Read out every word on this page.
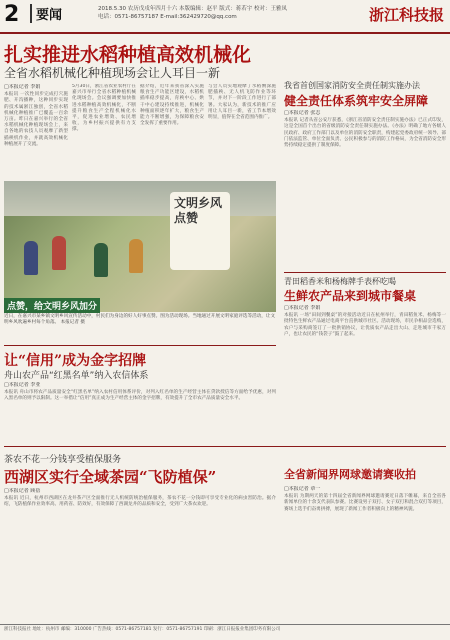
2	要闻	2018.5.30 农历戊戌年四月十六 本版编辑：赵平 版式：蒋若宇 校对：王雅凤
电话：0571-86757187 E-mail:362429720@qq.com	浙江科技报
扎实推进水稻种植高效机械化
全省水稻机械化种植现场会让人耳目一新
□本报记者 李娟
本报讯 一次性同步完成打穴施肥、开沟播种，这种同步实现的技术属浙江独创，全省水稻机械化种植推广已覆盖一百余万亩。昨日在嘉兴举行的全省水稻机械化种植现场会上，来自各地的农技人员观摩了新型插秧机作业，并就高效机械化种植展开了交流。
5月30日，浙江省农业农村厅在嘉兴市举行全省水稻种植机械化现场会。会议强调要加快推进水稻种植高效机械化，不断提升粮食生产全程机械化水平，促进农业增效、农民增收，为乡村振兴提供有力支撑。
据介绍，近年来我省深入实施粮食生产功能区建设，水稻机插率稳步提高，育秧中心、烘干中心建设持续推进，机械化种植面积逐年扩大，粮食生产能力不断增强，为保障粮食安全发挥了重要作用。
与会人员实地观摩了水稻侧深施肥插秧、无人机飞防作业等环节，并对下一阶段工作进行了部署。大家认为，新技术的推广应用让人耳目一新，省工节本增效明显，值得在全省范围内推广。
文明乡风点赞
点赞，给文明乡风加分
近日，在嘉兴市某乡镇文明乡风宣传活动中，村民们为身边的好人好事点赞。图为活动现场。当地通过开展文明家庭评选等活动，让文明乡风吹遍乡村每个角落。 本报记者 摄
我省首创国家消防安全责任制实施办法
健全责任体系筑牢安全屏障
□本报记者 张志
本报讯 记者从省公安厅获悉，《浙江省消防安全责任制实施办法》已正式印发，这是全国首个出台的省级消防安全责任制实施办法。《办法》明确了地方各级人民政府、政府工作部门以及单位的消防安全职责，构建起党委政府统一领导、部门依法监管、单位全面负责、公民积极参与的消防工作格局，为全省消防安全形势持续稳定提供了制度保障。
青田稻香米和杨梅牌手表杯吃喝
生鲜农产品来到城市餐桌
□本报记者 李娟
本报讯 一场“田间到餐桌”的对接活动近日在杭州举行，青田稻鱼米、杨梅等一批特色生鲜农产品通过电商平台直供城市社区。活动现场，市民争相品尝选购，农户与采购商签订了一批供销协议，让优质农产品走出大山、走进城市千家万户，也让农民的“钱袋子”鼓了起来。
让“信用”成为金字招牌
舟山农产品“红黑名单”纳入农信体系
□本报记者 李亚
本报讯 舟山市将农产品质量安全“红黑名单”纳入农村信用体系评价，对列入红名单的生产经营主体在贷款授信等方面给予优惠，对列入黑名单的则予以限制。这一举措让“信用”真正成为生产经营主体的金字招牌，有效提升了全市农产品质量安全水平。
茶农不花一分钱享受植保服务
西湖区实行全域茶园“飞防植保”
□本报记者 顾蓓
本报讯 近日，杭州市西湖区在龙井茶产区全面推行无人机统防统治植保服务，茶农不花一分钱即可享受专业化的病虫害防治。据介绍，飞防植保作业效率高、用药省、防效好，有效保障了西湖龙井的品质和安全，受到广大茶农欢迎。
全省新闻界网球邀请赛收拍
□本报记者 章一
本报讯 为期两天的第十四届全省新闻界网球邀请赛近日落下帷幕，来自全省各新闻单位的十余支代表队参赛。比赛设男子双打、女子双打和混合双打等项目，赛场上选手们奋勇拼搏，展现了新闻工作者积极向上的精神风貌。
浙江科技报社 地址：杭州市 邮编：310000 广告热线：0571-86757181 发行：0571-86757191 印刷：浙江日报报业集团印务有限公司
